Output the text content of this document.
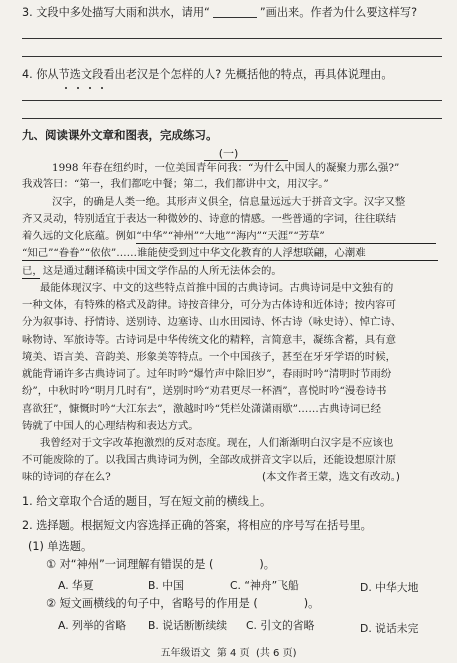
3. 文段中多处描写大雨和洪水，请用“	”画出来。作者为什么要这样写?
4. 你从节选文段看出老汉是个怎样的人? 先概括他的特点，再具体说理由。
九、阅读课外文章和图表，完成练习。
(一)
1998 年春在纽约时，一位美国青年问我：“为什么中国人的凝聚力那么强?”
我戏答曰：“第一，我们都吃中餐；第二，我们都讲中文，用汉字。”
汉字，的确是人类一绝。其形声义俱全，信息量远远大于拼音文字。汉字又整
齐又灵动，特别适宜于表达一种微妙的、诗意的情感。一些普通的字词，往往联结
着久远的文化底蕴。例如“中华”“神州”“大地”“海内”“天涯”“芳草”
“知己”“眷眷”“依依”……谁能使受到过中华文化教育的人浮想联翩，心潮难
已，这是通过翻译稿读中国文学作品的人所无法体会的。
最能体现汉字、中文的这些特点首推中国的古典诗词。古典诗词是中文独有的
一种文体，有特殊的格式及韵律。诗按音律分，可分为古体诗和近体诗；按内容可
分为叙事诗、抒情诗、送别诗、边塞诗、山水田园诗、怀古诗（咏史诗）、悼亡诗、
咏物诗、军旅诗等。古诗词是中华传统文化的精粹，言简意丰，凝练含蓄，具有意
境美、语言美、音韵美、形象美等特点。一个中国孩子，甚至在牙牙学语的时候，
就能背诵许多古典诗词了。过年时吟“爆竹声中除旧岁”，春雨时吟“清明时节雨纷
纷”，中秋时吟“明月几时有”，送别时吟“劝君更尽一杯酒”，喜悦时吟“漫卷诗书
喜欲狂”，慷慨时吟“大江东去”，激越时吟“凭栏处潇潇雨歇”……古典诗词已经
铸就了中国人的心理结构和表达方式。
我曾经对于文字改革抱激烈的反对态度。现在，人们渐渐明白汉字是不应该也
不可能废除的了。以我国古典诗词为例，全部改成拼音文字以后，还能设想原汁原
味的诗词的存在么?	(本文作者王蒙，选文有改动。)
1. 给文章取个合适的题目，写在短文前的横线上。
2. 选择题。根据短文内容选择正确的答案，将相应的序号写在括号里。
(1) 单选题。
① 对“神州”一词理解有错误的是 (	)。
A. 华夏	B. 中国	C. “神舟”飞船	D. 中华大地
② 短文画横线的句子中，省略号的作用是 (	)。
A. 列举的省略 B. 说话断断续续 C. 引文的省略	D. 说话未完
五年级语文  第 4 页  (共 6 页)
